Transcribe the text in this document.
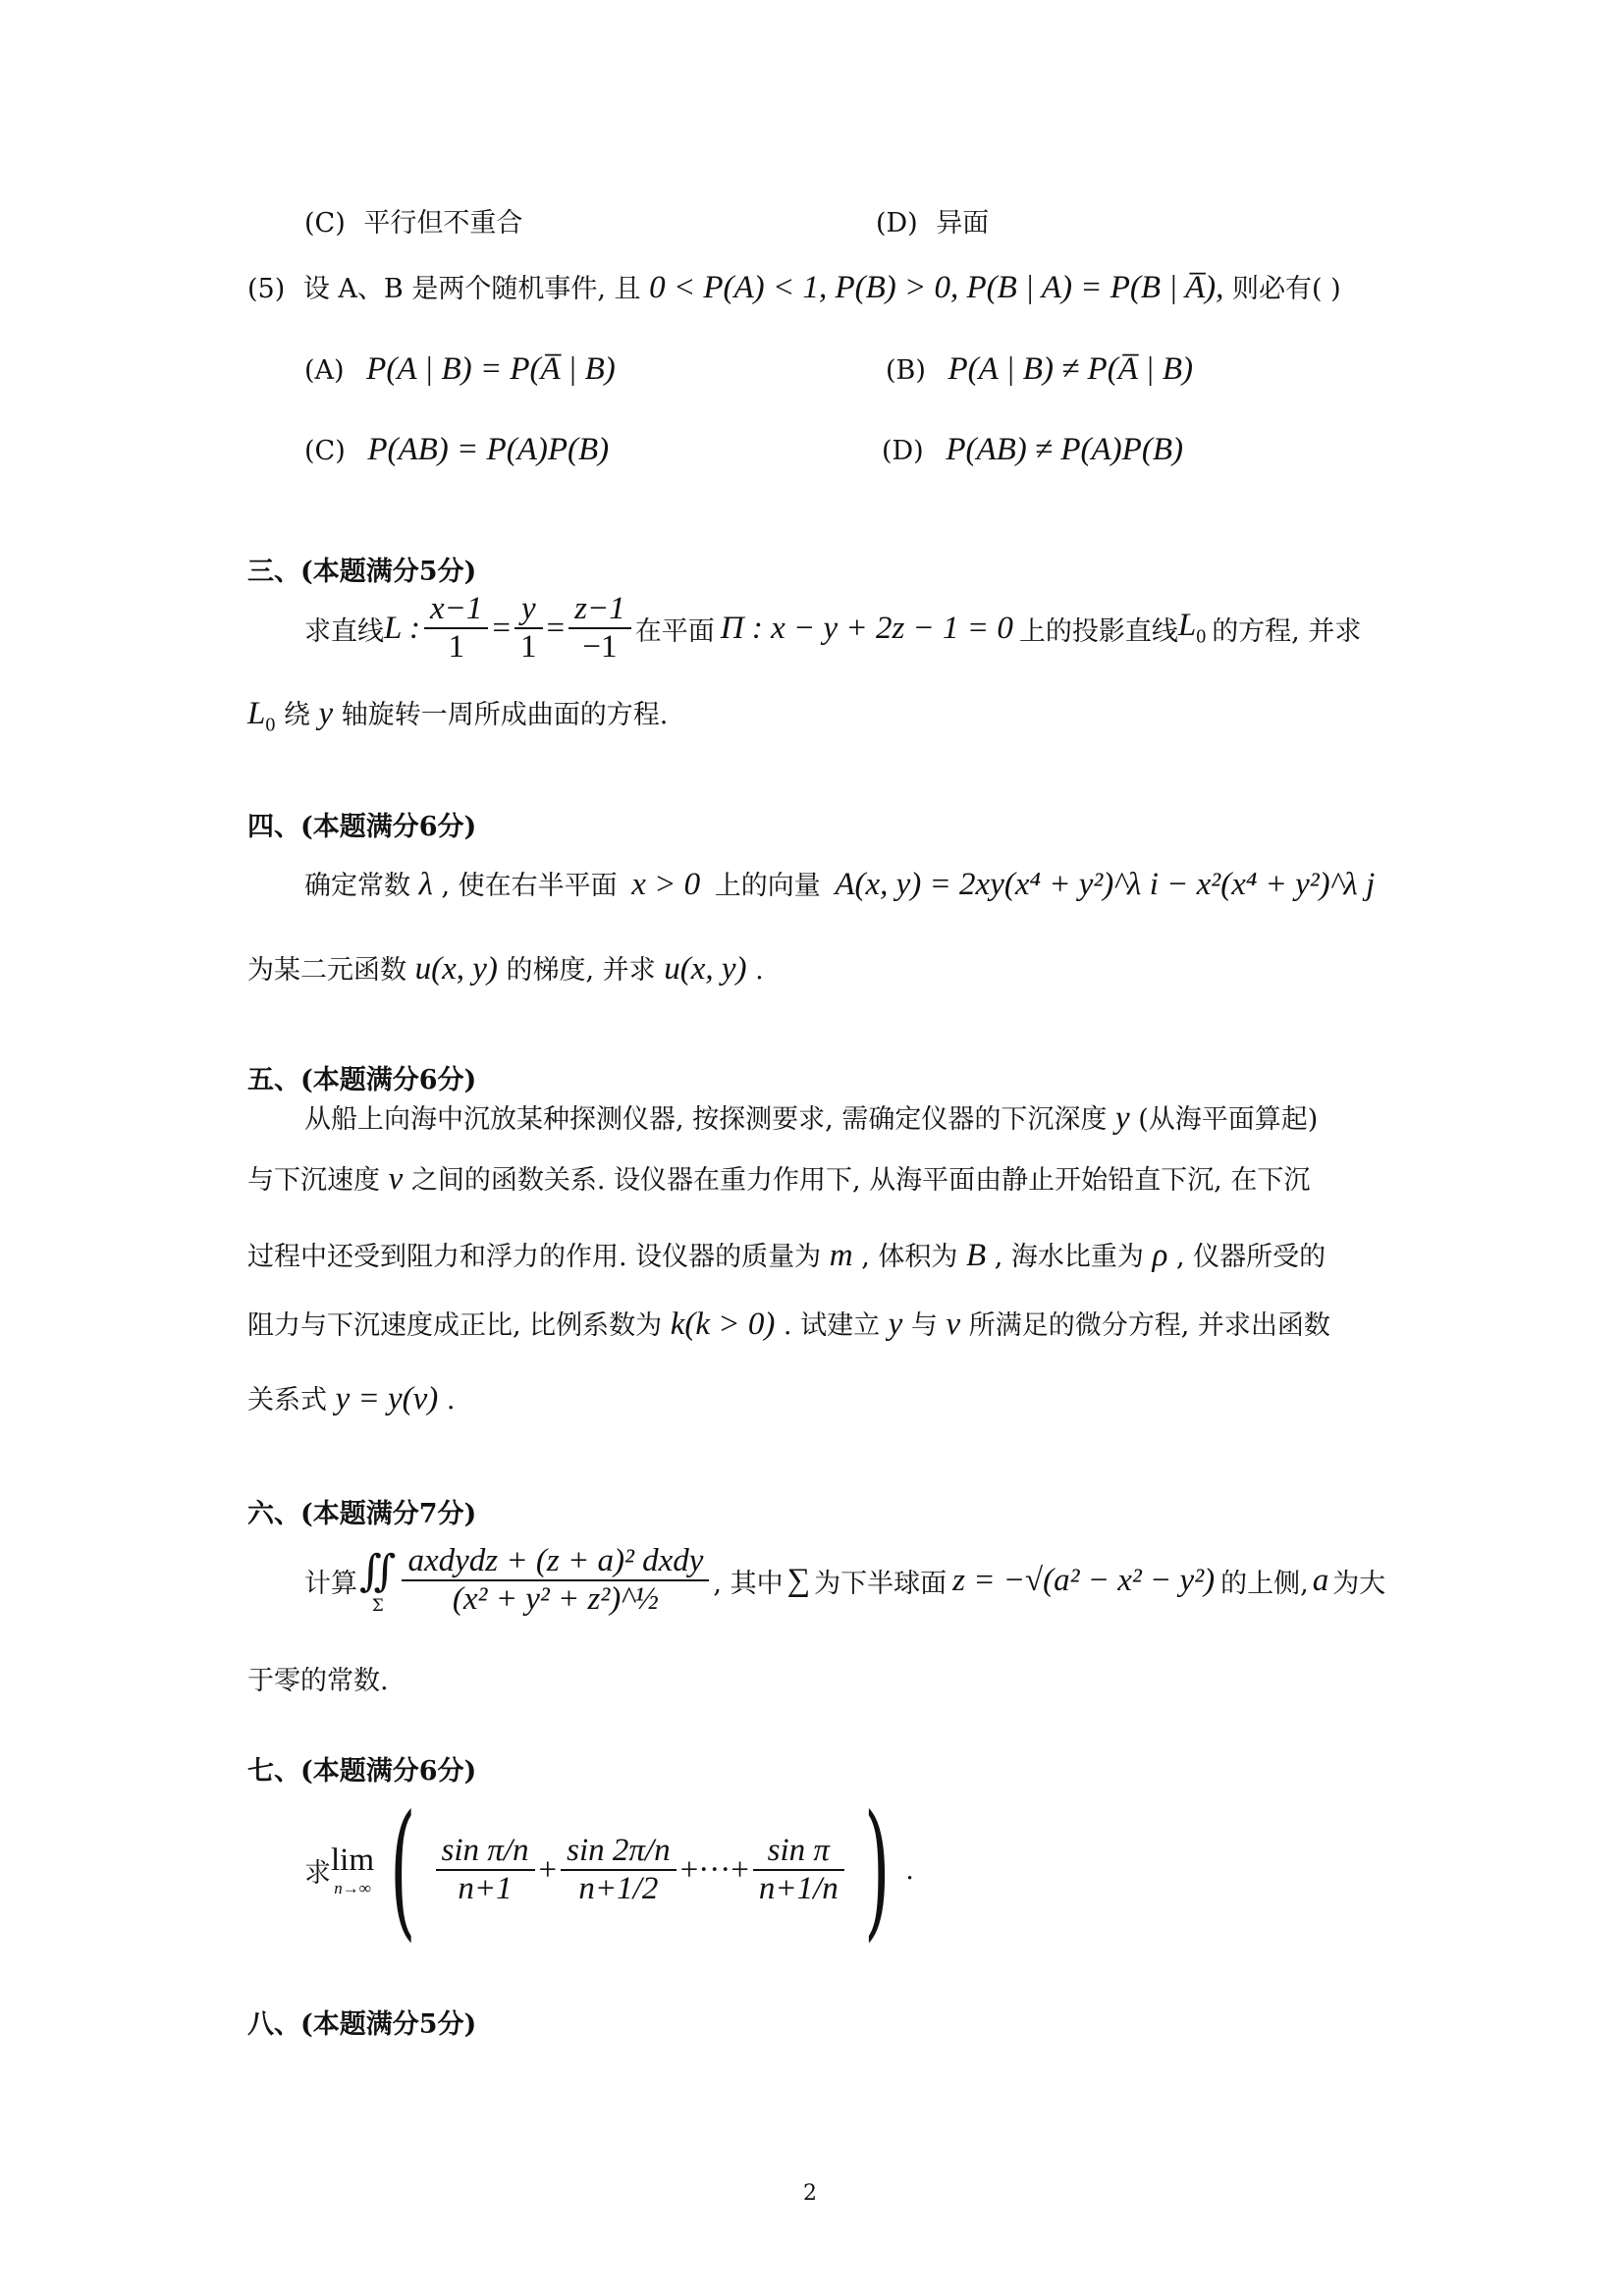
(C) 平行但不重合	(D) 异面
(5) 设 A、B 是两个随机事件, 且 0 < P(A) < 1, P(B) > 0, P(B | A) = P(B | A̅), 则必有( )
(A) P(A | B) = P(A̅ | B)	(B) P(A | B) ≠ P(A̅ | B)
(C) P(AB) = P(A)P(B)	(D) P(AB) ≠ P(A)P(B)
三、(本题满分5分)
求直线 L : $\frac{x-1}{1} = \frac{y}{1} = \frac{z-1}{-1}$ 在平面 Π : x − y + 2z − 1 = 0 上的投影直线 $L_0$ 的方程, 并求
$L_0$ 绕 y 轴旋转一周所成曲面的方程.
四、(本题满分6分)
确定常数 λ , 使在右半平面 x > 0 上的向量 A(x, y) = 2xy(x⁴ + y²)^λ i − x²(x⁴ + y²)^λ j
为某二元函数 u(x, y) 的梯度, 并求 u(x, y) .
五、(本题满分6分)
从船上向海中沉放某种探测仪器, 按探测要求, 需确定仪器的下沉深度 y (从海平面算起)
与下沉速度 v 之间的函数关系. 设仪器在重力作用下, 从海平面由静止开始铅直下沉, 在下沉
过程中还受到阻力和浮力的作用. 设仪器的质量为 m , 体积为 B , 海水比重为 ρ , 仪器所受的
阻力与下沉速度成正比, 比例系数为 k(k > 0) . 试建立 y 与 v 所满足的微分方程, 并求出函数
关系式 y = y(v) .
六、(本题满分7分)
计算 ∬
Σ $\frac{\text{axdydz + (z + a)² dxdy}}{\text{(x² + y² + z²)\textasciicircum{}½}}$ , 其中 ∑ 为下半球面 z = −√(a² − x² − y²) 的上侧, a 为大
于零的常数.
七、(本题满分6分)
求 lim
n→∞ ( $\frac{\text{sin π/n}}{n+1} + \frac{\sin 2\pi/n}{n+1/2}$ +···+ $\frac{\text{sin π}}{n+1/n}$ ) .
八、(本题满分5分)
2
